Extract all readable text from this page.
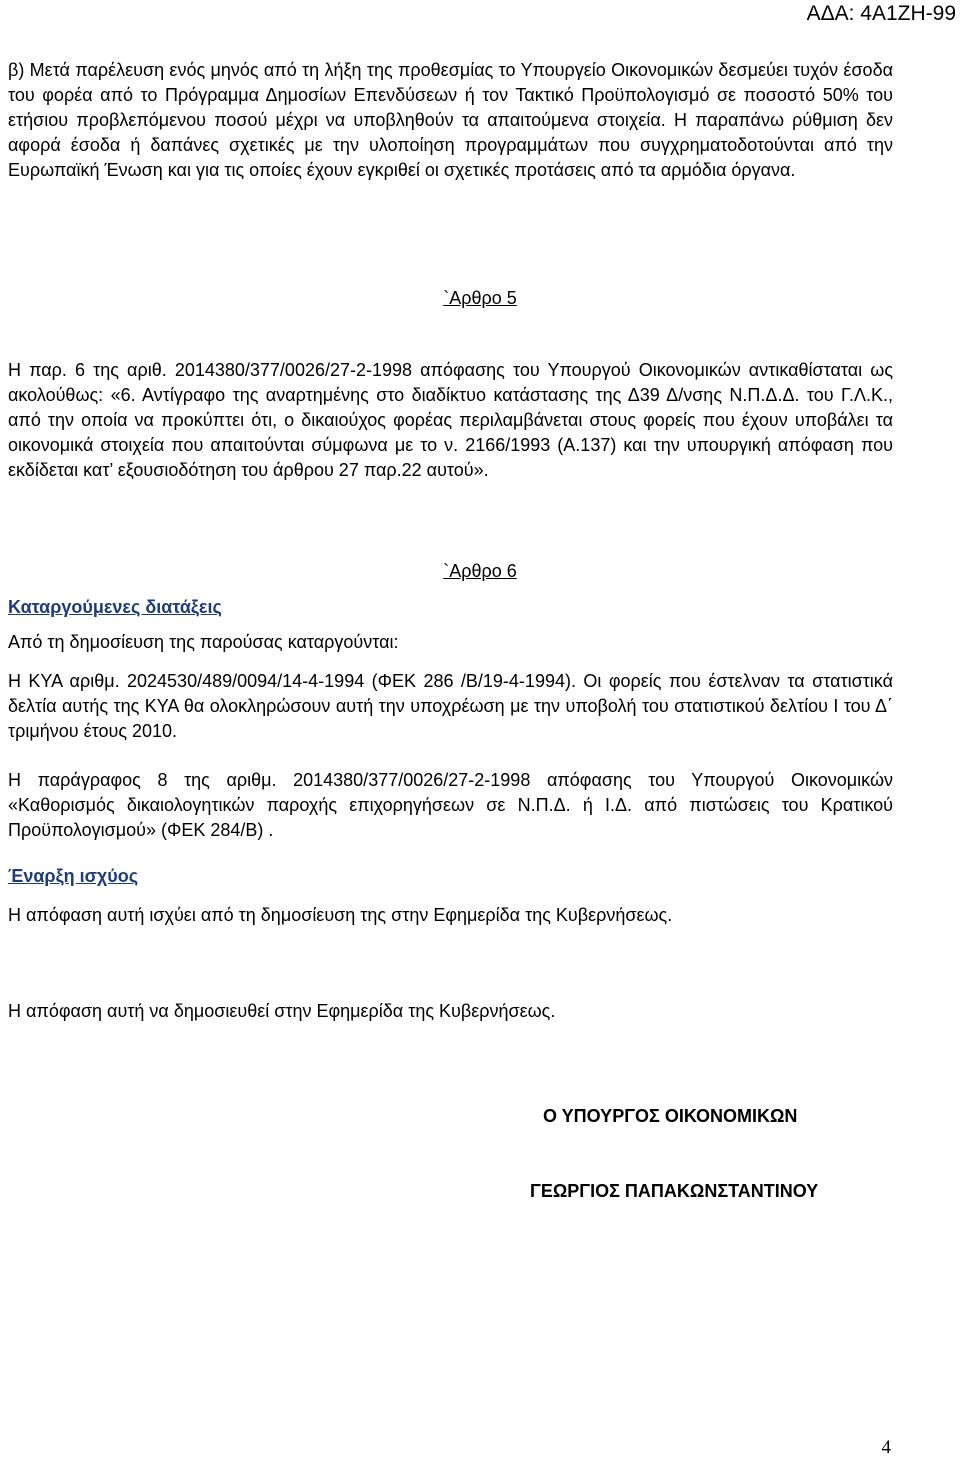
ΑΔΑ: 4Α1ΖΗ-99

β) Μετά παρέλευση ενός μηνός από τη λήξη της προθεσμίας το Υπουργείο Οικονομικών δεσμεύει τυχόν έσοδα του φορέα από το Πρόγραμμα Δημοσίων Επενδύσεων ή τον Τακτικό Προϋπολογισμό σε ποσοστό 50% του ετήσιου προβλεπόμενου ποσού μέχρι να υποβληθούν τα απαιτούμενα στοιχεία. Η παραπάνω ρύθμιση δεν αφορά έσοδα ή δαπάνες σχετικές με την υλοποίηση προγραμμάτων που συγχρηματοδοτούνται από την Ευρωπαϊκή Ένωση και για τις οποίες έχουν εγκριθεί οι σχετικές προτάσεις από τα αρμόδια όργανα.

`Αρθρο 5

Η παρ. 6 της αριθ. 2014380/377/0026/27-2-1998 απόφασης του Υπουργού Οικονομικών αντικαθίσταται ως ακολούθως: «6. Αντίγραφο της αναρτημένης στο διαδίκτυο κατάστασης της Δ39 Δ/νσης Ν.Π.Δ.Δ. του Γ.Λ.Κ., από την οποία να προκύπτει ότι, ο δικαιούχος φορέας περιλαμβάνεται στους φορείς που έχουν υποβάλει τα οικονομικά στοιχεία που απαιτούνται σύμφωνα με το ν. 2166/1993 (Α.137) και την υπουργική απόφαση που εκδίδεται κατ’ εξουσιοδότηση του άρθρου 27 παρ.22 αυτού».

`Αρθρο 6

Καταργούμενες διατάξεις

Από τη δημοσίευση της παρούσας καταργούνται:

Η ΚΥΑ αριθμ. 2024530/489/0094/14-4-1994 (ΦΕΚ 286 /Β/19-4-1994). Οι φορείς που έστελναν τα στατιστικά δελτία αυτής της ΚΥΑ θα ολοκληρώσουν αυτή την υποχρέωση με την υποβολή του στατιστικού δελτίου Ι του Δ΄ τριμήνου έτους 2010.

Η παράγραφος 8 της αριθμ. 2014380/377/0026/27-2-1998 απόφασης του Υπουργού Οικονομικών «Καθορισμός δικαιολογητικών παροχής επιχορηγήσεων σε Ν.Π.Δ. ή Ι.Δ. από πιστώσεις του Κρατικού Προϋπολογισμού» (ΦΕΚ 284/Β) .

Έναρξη ισχύος

Η απόφαση αυτή ισχύει από τη δημοσίευση της στην Εφημερίδα της Κυβερνήσεως.

Η απόφαση αυτή να δημοσιευθεί στην Εφημερίδα της Κυβερνήσεως.

Ο ΥΠΟΥΡΓΟΣ ΟΙΚΟΝΟΜΙΚΩΝ

ΓΕΩΡΓΙΟΣ ΠΑΠΑΚΩΝΣΤΑΝΤΙΝΟΥ

4
